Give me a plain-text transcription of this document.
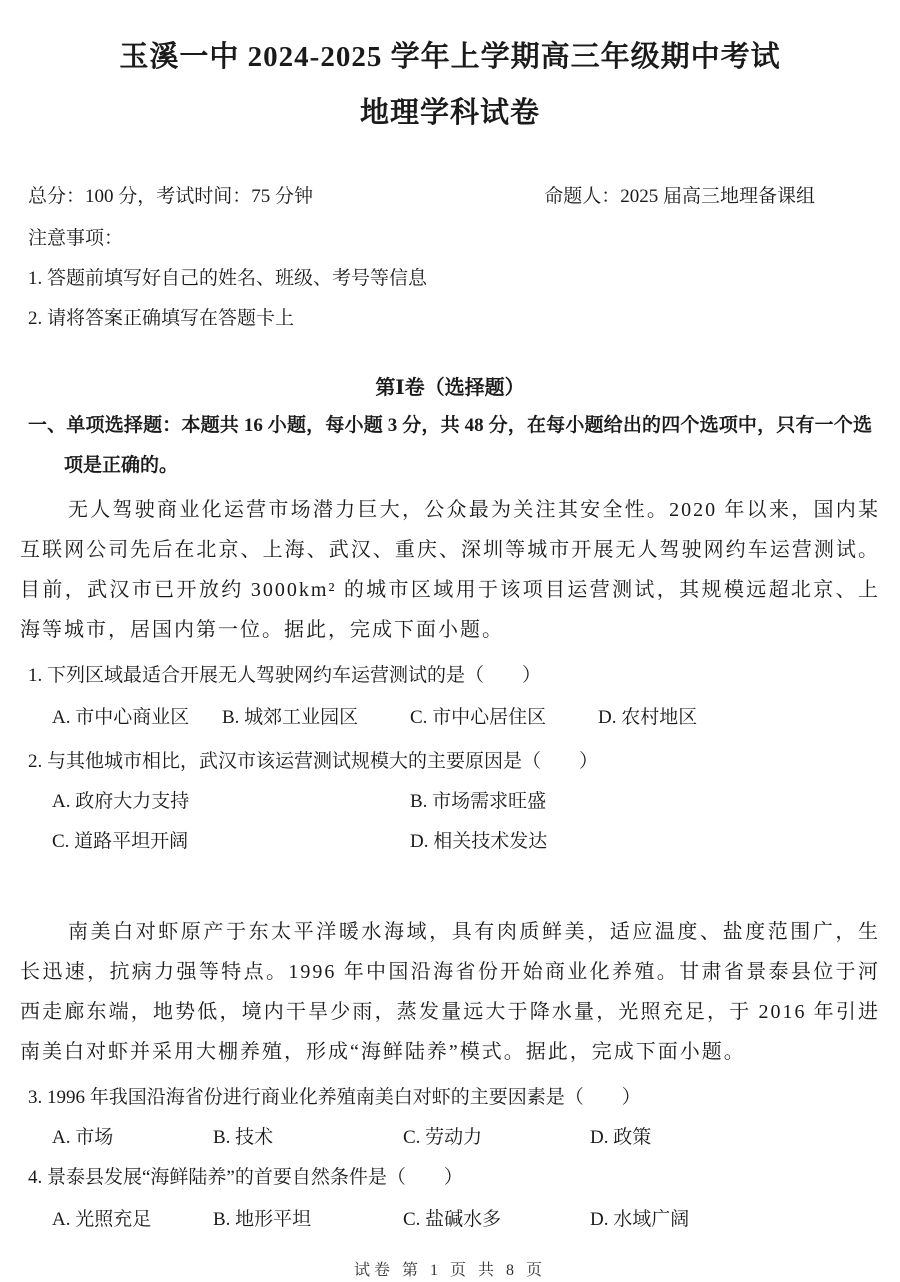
玉溪一中 2024-2025 学年上学期高三年级期中考试
地理学科试卷
总分：100 分，考试时间：75 分钟	命题人：2025 届高三地理备课组
注意事项：
1. 答题前填写好自己的姓名、班级、考号等信息
2. 请将答案正确填写在答题卡上
第Ⅰ卷（选择题）
一、单项选择题：本题共 16 小题，每小题 3 分，共 48 分，在每小题给出的四个选项中，只有一个选项是正确的。

无人驾驶商业化运营市场潜力巨大，公众最为关注其安全性。2020 年以来，国内某互联网公司先后在北京、上海、武汉、重庆、深圳等城市开展无人驾驶网约车运营测试。目前，武汉市已开放约 3000km² 的城市区域用于该项目运营测试，其规模远超北京、上海等城市，居国内第一位。据此，完成下面小题。

1. 下列区域最适合开展无人驾驶网约车运营测试的是（　　）
A. 市中心商业区	B. 城郊工业园区	C. 市中心居住区	D. 农村地区
2. 与其他城市相比，武汉市该运营测试规模大的主要原因是（　　）
A. 政府大力支持	B. 市场需求旺盛
C. 道路平坦开阔	D. 相关技术发达

南美白对虾原产于东太平洋暖水海域，具有肉质鲜美，适应温度、盐度范围广，生长迅速，抗病力强等特点。1996 年中国沿海省份开始商业化养殖。甘肃省景泰县位于河西走廊东端，地势低，境内干旱少雨，蒸发量远大于降水量，光照充足，于 2016 年引进南美白对虾并采用大棚养殖，形成“海鲜陆养”模式。据此，完成下面小题。

3. 1996 年我国沿海省份进行商业化养殖南美白对虾的主要因素是（　　）
A. 市场	B. 技术	C. 劳动力	D. 政策
4. 景泰县发展“海鲜陆养”的首要自然条件是（　　）
A. 光照充足	B. 地形平坦	C. 盐碱水多	D. 水域广阔
试卷 第 1 页 共 8 页
